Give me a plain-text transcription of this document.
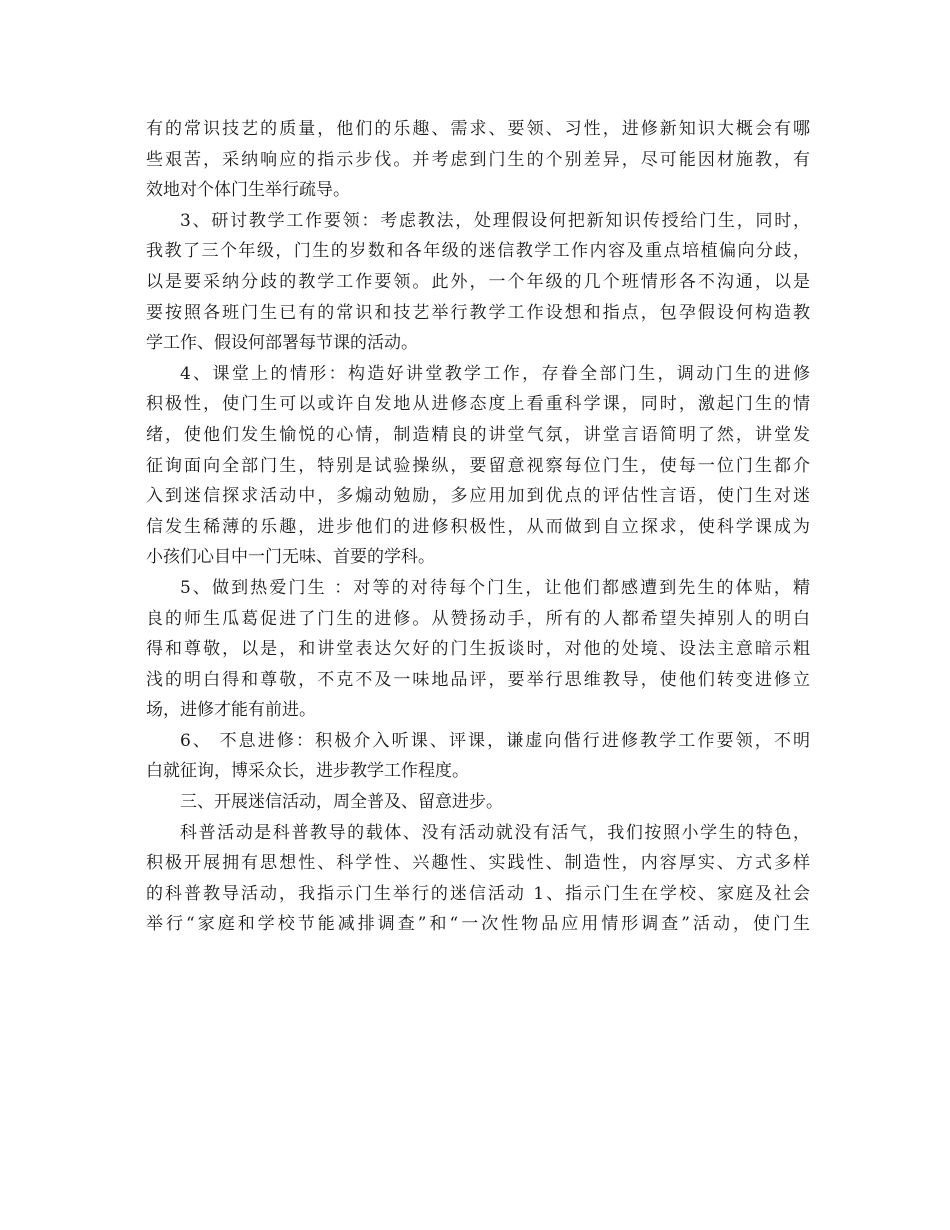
有的常识技艺的质量，他们的乐趣、需求、要领、习性，进修新知识大概会有哪
些艰苦，采纳响应的指示步伐。并考虑到门生的个别差异，尽可能因材施教，有
效地对个体门生举行疏导。
3、研讨教学工作要领：考虑教法，处理假设何把新知识传授给门生，同时，
我教了三个年级，门生的岁数和各年级的迷信教学工作内容及重点培植偏向分歧，
以是要采纳分歧的教学工作要领。此外，一个年级的几个班情形各不沟通，以是
要按照各班门生已有的常识和技艺举行教学工作设想和指点，包孕假设何构造教
学工作、假设何部署每节课的活动。
4、课堂上的情形：构造好讲堂教学工作，存眷全部门生，调动门生的进修
积极性，使门生可以或许自发地从进修态度上看重科学课，同时，激起门生的情
绪，使他们发生愉悦的心情，制造精良的讲堂气氛，讲堂言语简明了然，讲堂发
征询面向全部门生，特别是试验操纵，要留意视察每位门生，使每一位门生都介
入到迷信探求活动中，多煽动勉励，多应用加到优点的评估性言语，使门生对迷
信发生稀薄的乐趣，进步他们的进修积极性，从而做到自立探求，使科学课成为
小孩们心目中一门无味、首要的学科。
5、做到热爱门生 ：对等的对待每个门生，让他们都感遭到先生的体贴，精
良的师生瓜葛促进了门生的进修。从赞扬动手，所有的人都希望失掉别人的明白
得和尊敬，以是，和讲堂表达欠好的门生扳谈时，对他的处境、设法主意暗示粗
浅的明白得和尊敬，不克不及一味地品评，要举行思维教导，使他们转变进修立
场，进修才能有前进。
6、 不息进修：积极介入听课、评课，谦虚向偕行进修教学工作要领，不明
白就征询，博采众长，进步教学工作程度。
三、开展迷信活动，周全普及、留意进步。
科普活动是科普教导的载体、没有活动就没有活气，我们按照小学生的特色，
积极开展拥有思想性、科学性、兴趣性、实践性、制造性，内容厚实、方式多样
的科普教导活动，我指示门生举行的迷信活动 1、指示门生在学校、家庭及社会
举行“家庭和学校节能减排调查”和“一次性物品应用情形调查”活动，使门生
